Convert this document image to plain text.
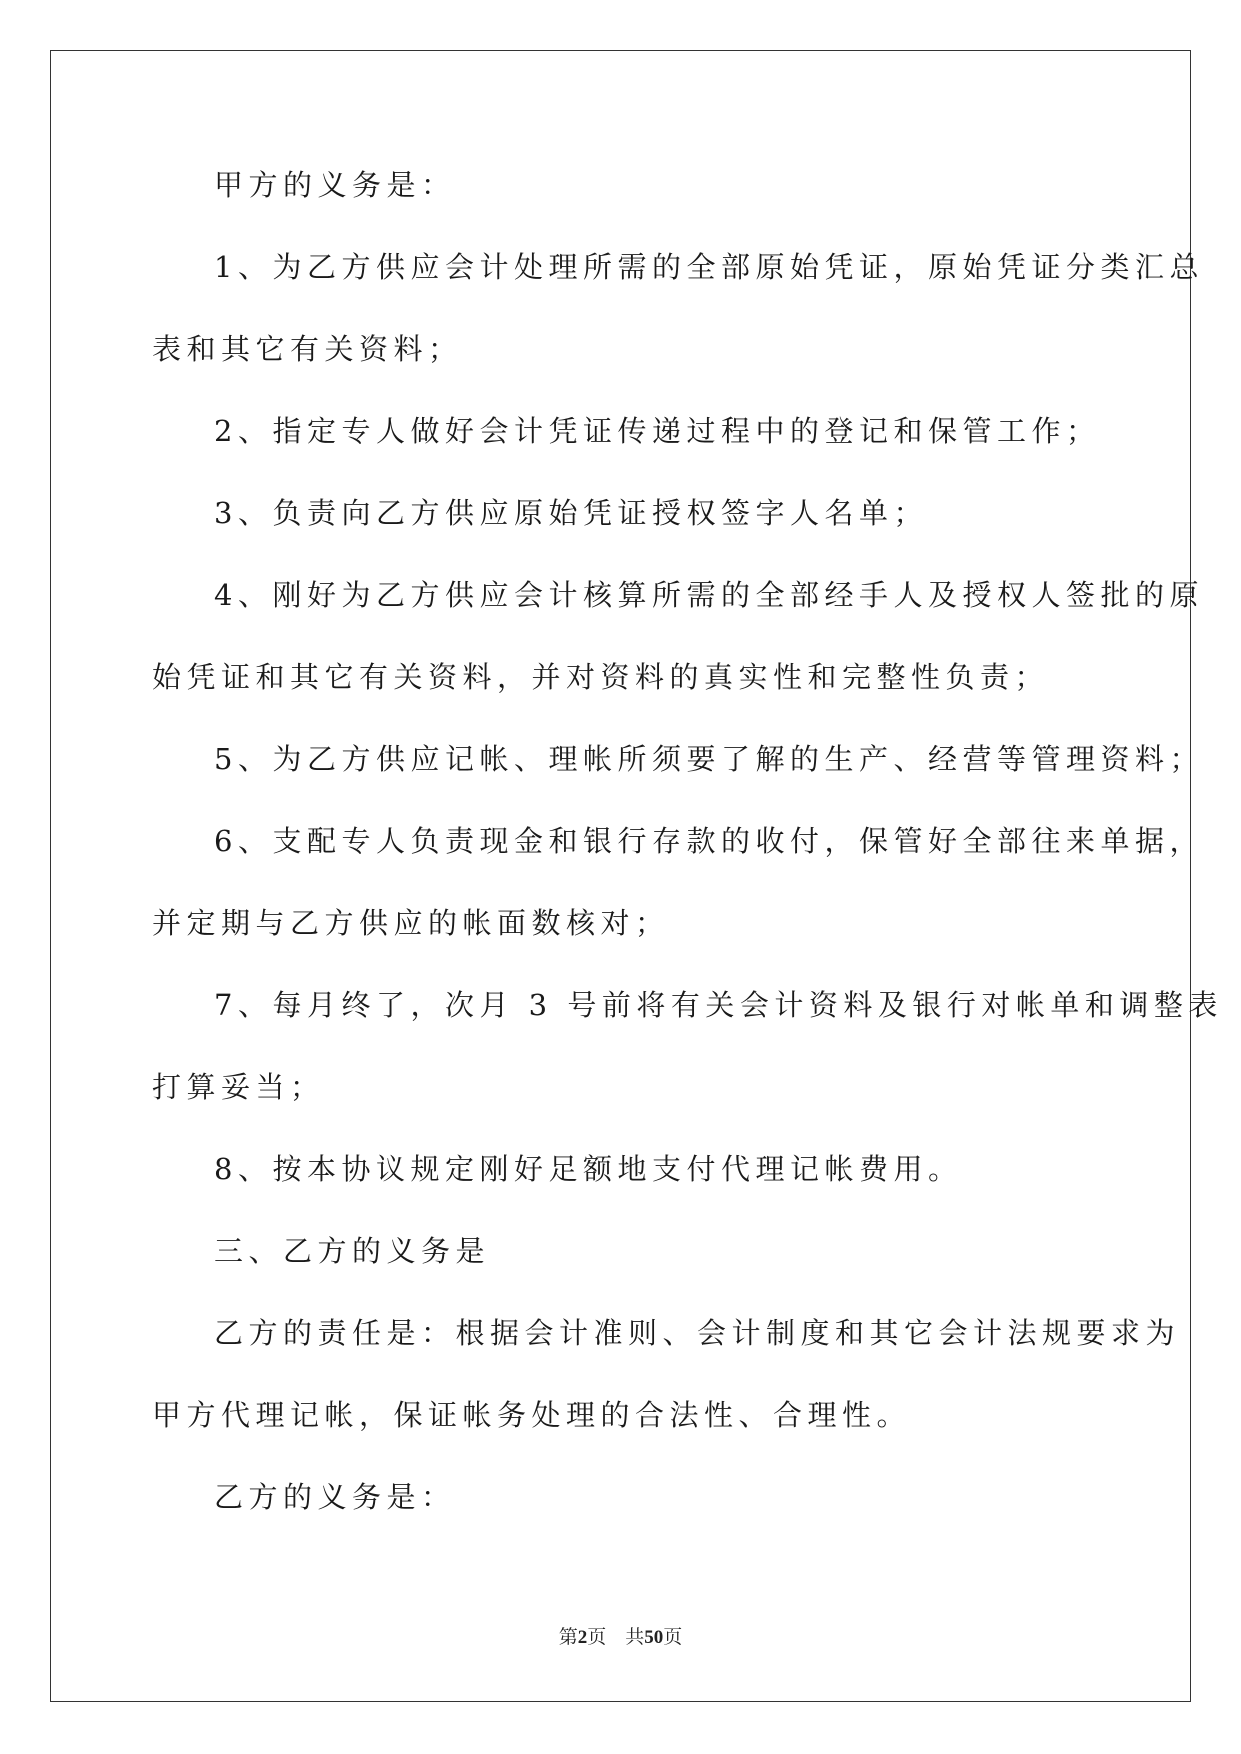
甲方的义务是：
1、为乙方供应会计处理所需的全部原始凭证，原始凭证分类汇总
表和其它有关资料；
2、指定专人做好会计凭证传递过程中的登记和保管工作；
3、负责向乙方供应原始凭证授权签字人名单；
4、刚好为乙方供应会计核算所需的全部经手人及授权人签批的原
始凭证和其它有关资料，并对资料的真实性和完整性负责；
5、为乙方供应记帐、理帐所须要了解的生产、经营等管理资料；
6、支配专人负责现金和银行存款的收付，保管好全部往来单据，
并定期与乙方供应的帐面数核对；
7、每月终了，次月 3 号前将有关会计资料及银行对帐单和调整表
打算妥当；
8、按本协议规定刚好足额地支付代理记帐费用。
三、乙方的义务是
乙方的责任是：根据会计准则、会计制度和其它会计法规要求为
甲方代理记帐，保证帐务处理的合法性、合理性。
乙方的义务是：
第2页 共50页
